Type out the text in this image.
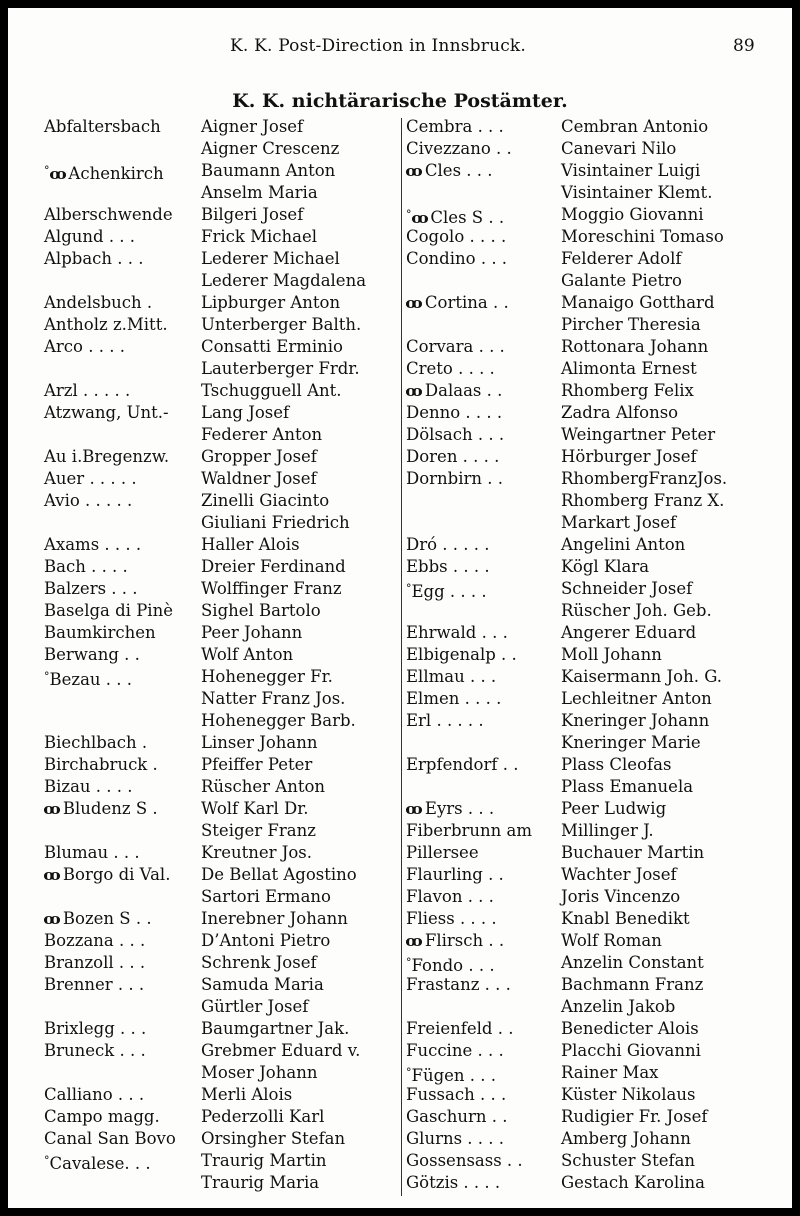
K. K. Post-Direction in Innsbruck.	89
K. K. nichtärarische Postämter.
Abfaltersbach Aigner Josef
Aigner Crescenz
°ꝏ Achenkirch Baumann Anton
Anselm Maria
Alberschwende Bilgeri Josef
Algund . . .	Frick Michael
Alpbach . . .	Lederer Michael
Lederer Magdalena
Andelsbuch .	Lipburger Anton
Antholz z.Mitt. Unterberger Balth.
Arco . . . .	Consatti Erminio
Lauterberger Frdr.
Arzl . . . . .	Tschugguell Ant.
Atzwang, Unt.- Lang Josef
Federer Anton
Au i.Bregenzw. Gropper Josef
Auer . . . . .	Waldner Josef
Avio . . . . .	Zinelli Giacinto
Giuliani Friedrich
Axams . . . .	Haller Alois
Bach . . . .	Dreier Ferdinand
Balzers . . .	Wolffinger Franz
Baselga di Pinè Sighel Bartolo
Baumkirchen	Peer Johann
Berwang . .	Wolf Anton
°Bezau . . .	Hohenegger Fr.
Natter Franz Jos.
Hohenegger Barb.
Biechlbach .	Linser Johann
Birchabruck .	Pfeiffer Peter
Bizau . . . .	Rüscher Anton
ꝏ Bludenz S .	Wolf Karl Dr.
Steiger Franz
Blumau . . .	Kreutner Jos.
ꝏ Borgo di Val. De Bellat Agostino
Sartori Ermano
ꝏ Bozen S . .	Inerebner Johann
Bozzana . . .	D’Antoni Pietro
Branzoll . . .	Schrenk Josef
Brenner . . .	Samuda Maria
Gürtler Josef
Brixlegg . . .	Baumgartner Jak.
Bruneck . . .	Grebmer Eduard v.
Moser Johann
Calliano . . .	Merli Alois
Campo magg.	Pederzolli Karl
Canal San Bovo Orsingher Stefan
°Cavalese. . .	Traurig Martin
Traurig Maria
Cembra . . .	Cembran Antonio
Civezzano . .	Canevari Nilo
ꝏ Cles . . .	Visintainer Luigi
Visintainer Klemt.
°ꝏ Cles S . .	Moggio Giovanni
Cogolo . . . .	Moreschini Tomaso
Condino . . .	Felderer Adolf
Galante Pietro
ꝏ Cortina . .	Manaigo Gotthard
Pircher Theresia
Corvara . . .	Rottonara Johann
Creto . . . .	Alimonta Ernest
ꝏ Dalaas . .	Rhomberg Felix
Denno . . . .	Zadra Alfonso
Dölsach . . .	Weingartner Peter
Doren . . . .	Hörburger Josef
Dornbirn . .	RhombergFranzJos.
Rhomberg Franz X.
Markart Josef
Dró . . . . .	Angelini Anton
Ebbs . . . .	Kögl Klara
°Egg . . . .	Schneider Josef
Rüscher Joh. Geb.
Ehrwald . . .	Angerer Eduard
Elbigenalp . .	Moll Johann
Ellmau . . .	Kaisermann Joh. G.
Elmen . . . .	Lechleitner Anton
Erl . . . . .	Kneringer Johann
Kneringer Marie
Erpfendorf . .	Plass Cleofas
Plass Emanuela
ꝏ Eyrs . . .	Peer Ludwig
Fiberbrunn am Millinger J.
Pillersee	Buchauer Martin
Flaurling . .	Wachter Josef
Flavon . . .	Joris Vincenzo
Fliess . . . .	Knabl Benedikt
ꝏ Flirsch . .	Wolf Roman
°Fondo . . .	Anzelin Constant
Frastanz . . .	Bachmann Franz
Anzelin Jakob
Freienfeld . .	Benedicter Alois
Fuccine . . .	Placchi Giovanni
°Fügen . . .	Rainer Max
Fussach . . .	Küster Nikolaus
Gaschurn . .	Rudigier Fr. Josef
Glurns . . . .	Amberg Johann
Gossensass . . Schuster Stefan
Götzis . . . .	Gestach Karolina
